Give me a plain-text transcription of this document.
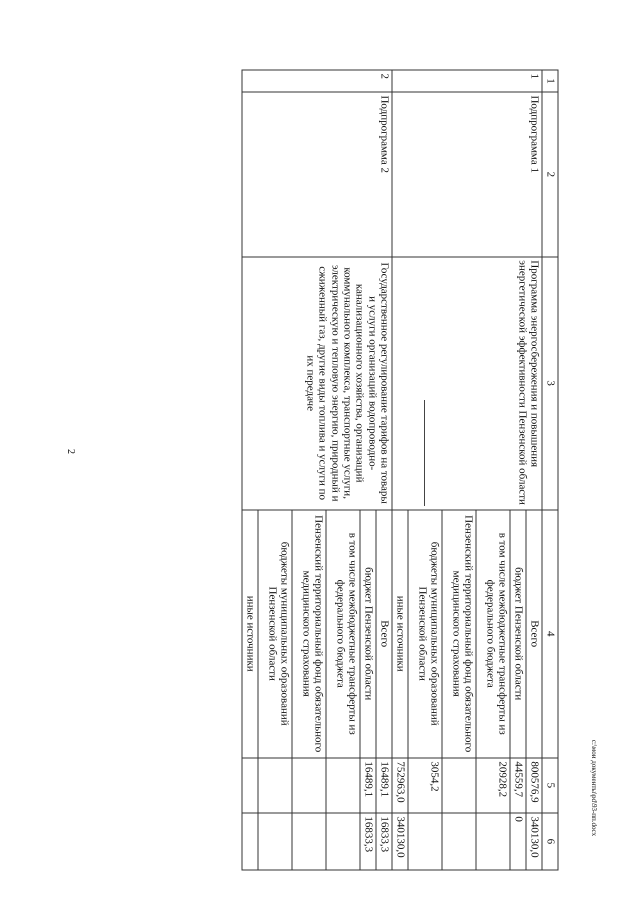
2
c:\мои документы\pd\93-пп.docx
1	2	3	4	5	6
1	Подпрограмма 1	Программа энергосбережения и повышения энергетической эффективности Пензенской области	Всего	800576,9	340130,0
			бюджет Пензенской области	44559,7	0
			в том числе межбюджетные трансферты из федерального бюджета	20928,2	
			Пензенский территориальный фонд обязательного медицинского страхования		
			бюджеты муниципальных образований Пензенской области	3054,2	
			иные источники	752963,0	340130,0
2	Подпрограмма 2	Государственное регулирование тарифов на товары и услуги организаций водопроводно-канализационного хозяйства, организаций коммунального комплекса, транспортные услуги, электрическую и тепловую энергию, природный и сжиженный газ, другие виды топлива и услуги по их передаче	Всего	16489,1	16833,3
			бюджет Пензенской области	16489,1	16833,3
			в том числе межбюджетные трансферты из федерального бюджета		
			Пензенский территориальный фонд обязательного медицинского страхования		
			бюджеты муниципальных образований Пензенской области		
			иные источники		
